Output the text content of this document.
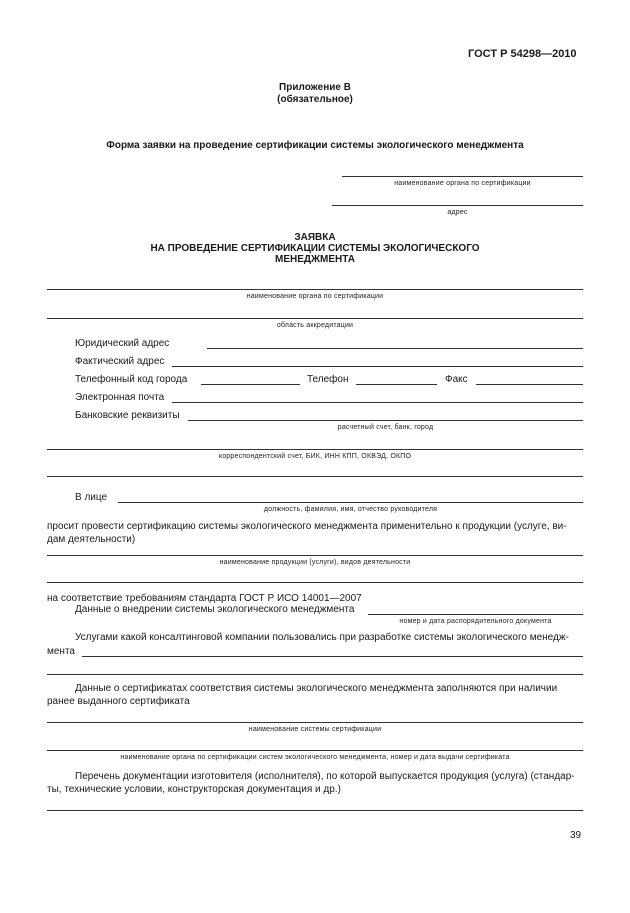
ГОСТ Р 54298—2010
Приложение В
(обязательное)
Форма заявки на проведение сертификации системы экологического менеджмента
наименование органа по сертификации
адрес
ЗАЯВКА
НА ПРОВЕДЕНИЕ СЕРТИФИКАЦИИ СИСТЕМЫ ЭКОЛОГИЧЕСКОГО
МЕНЕДЖМЕНТА
наименование органа по сертификации
область аккредитации
Юридический адрес
Фактический адрес
Телефонный код города	Телефон	Факс
Электронная почта
Банковские реквизиты
расчетный счет, банк, город
корреспондентский счет, БИК, ИНН КПП, ОКВЭД, ОКПО
В лице
должность, фамилия, имя, отчество руководителя
просит провести сертификацию системы экологического менеджмента применительно к продукции (услуге, ви-
дам деятельности)
наименование продукции (услуги), видов деятельности
на соответствие требованиям стандарта ГОСТ Р ИСО 14001—2007
Данные о внедрении системы экологического менеджмента
номер и дата распорядительного документа
Услугами какой консалтинговой компании пользовались при разработке системы экологического менедж-
мента
Данные о сертификатах соответствия системы экологического менеджмента заполняются при наличии
ранее выданного сертификата
наименование системы сертификации
наименование органа по сертификации систем экологического менеджмента, номер и дата выдачи сертификата
Перечень документации изготовителя (исполнителя), по которой выпускается продукция (услуга) (стандар-
ты, технические условии, конструкторская документация и др.)
39
